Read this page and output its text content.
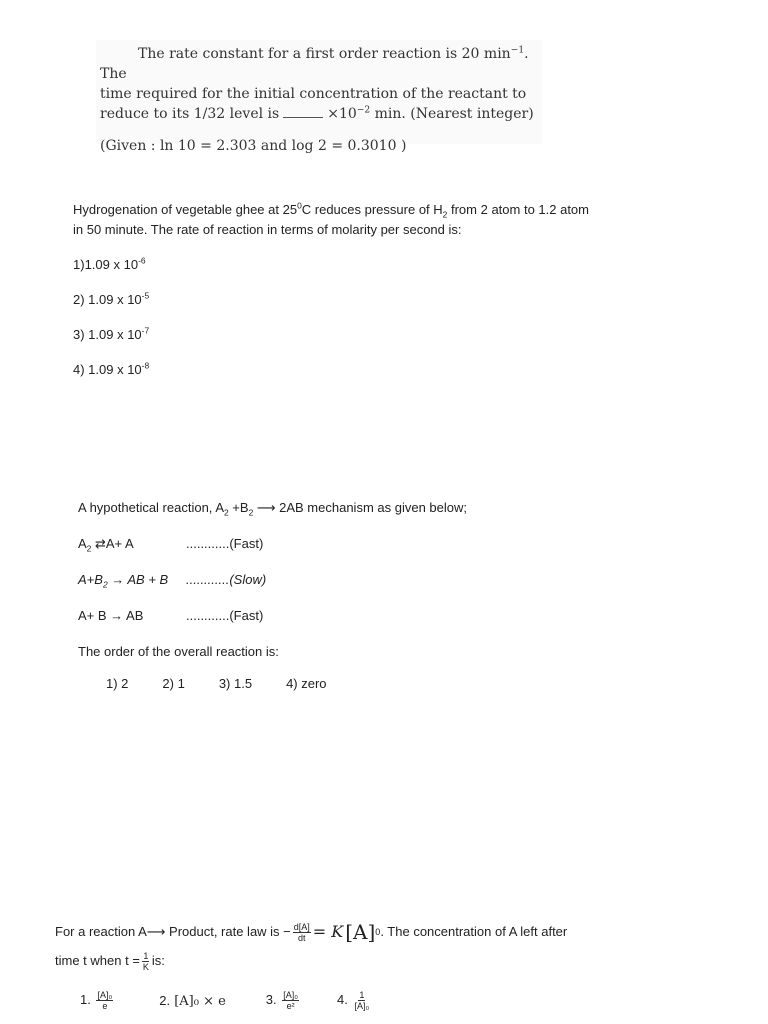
The rate constant for a first order reaction is 20 $\min^{-1}$. The
time required for the initial concentration of the reactant to
reduce to its 1/32 level is	$\times 10^{-2}$ min. (Nearest integer)
(Given : ln 10 = 2.303 and log 2 = 0.3010 )
Hydrogenation of vegetable ghee at $25^0C$ reduces pressure of $H_2$ from 2 atom to 1.2 atom
in 50 minute. The rate of reaction in terms of molarity per second is:
1)1.09 x $10^{-6}$
2) 1.09 x $10^{-5}$
3) 1.09 x $10^{-7}$
4) 1.09 x $10^{-8}$
A hypothetical reaction, $A_2 +B_2$ ⟶ 2AB mechanism as given below;
$A_2$ ⇄A+ A	............(Fast)
$A+B_2$ → AB + B ............(Slow)
A+ B → AB	............(Fast)
The order of the overall reaction is:
1) 2	2) 1	3) 1.5	4) zero
For a reaction A⟶ Product, rate law is − $\frac{d[A]}{dt} = K$ [A] 0 . The concentration of A left after
time t when $t = \frac{1}{K}$ is:
1. $\frac{\text{[A]₀}}{e}$	2. [A]₀ × e	3. $\frac{\text{[A]₀}}{\text{e²}}$	4. $\frac{1}{\text{[A]₀}}$
